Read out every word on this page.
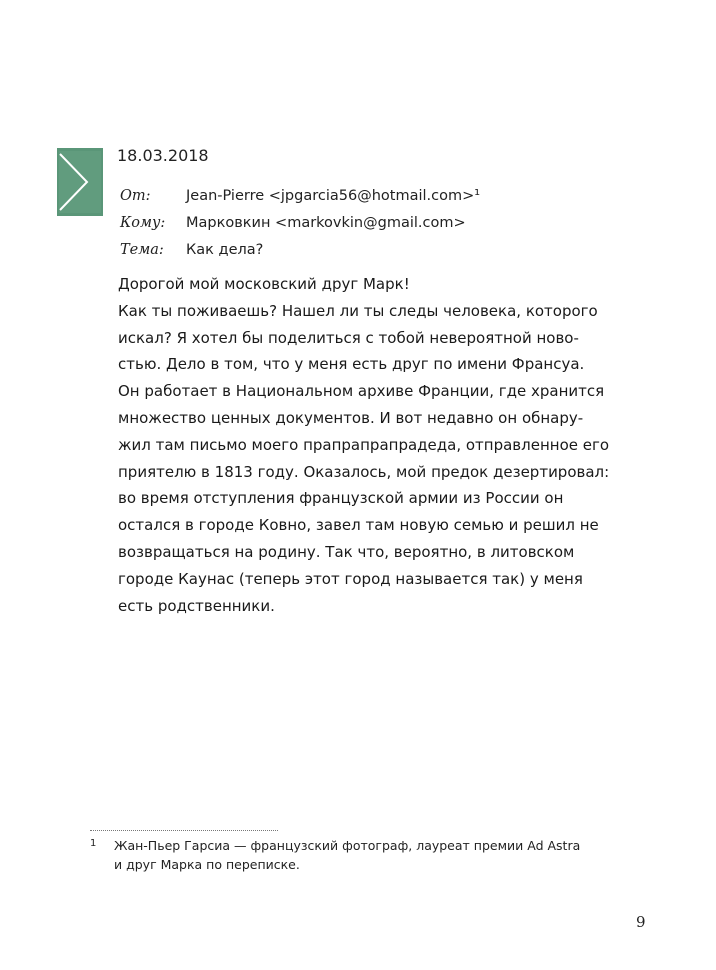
18.03.2018
От:	Jean-Pierre <jpgarcia56@hotmail.com>¹
Кому:	Марковкин <markovkin@gmail.com>
Тема:	Как дела?

Дорогой мой московский друг Марк!

Как ты поживаешь? Нашел ли ты следы человека, которого

искал? Я хотел бы поделиться с тобой невероятной ново-

стью. Дело в том, что у меня есть друг по имени Франсуа.

Он работает в Национальном архиве Франции, где хранится

множество ценных документов. И вот недавно он обнару-

жил там письмо моего прапрапрапрадеда, отправленное его

приятелю в 1813 году. Оказалось, мой предок дезертировал:

во время отступления французской армии из России он

остался в городе Ковно, завел там новую семью и решил не

возвращаться на родину. Так что, вероятно, в литовском

городе Каунас (теперь этот город называется так) у меня

есть родственники.

1 Жан-Пьер Гарсиа — французский фотограф, лауреат премии Ad Astra
и друг Марка по переписке.
9
